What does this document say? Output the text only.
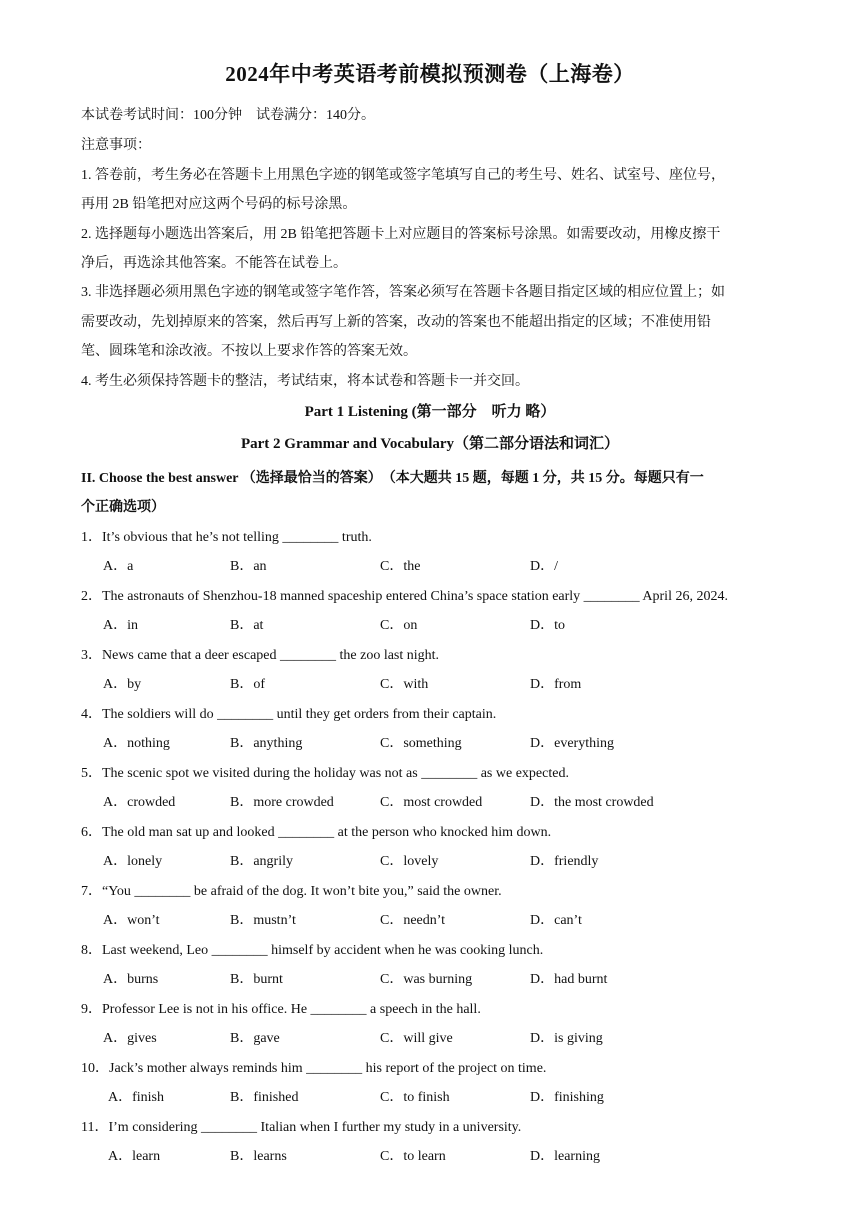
2024年中考英语考前模拟预测卷（上海卷）
本试卷考试时间：100分钟　试卷满分：140分。
注意事项：
1. 答卷前，考生务必在答题卡上用黑色字迹的钢笔或签字笔填写自己的考生号、姓名、试室号、座位号，
再用 2B 铅笔把对应这两个号码的标号涂黑。
2. 选择题每小题选出答案后，用 2B 铅笔把答题卡上对应题目的答案标号涂黑。如需要改动，用橡皮擦干
净后，再选涂其他答案。不能答在试卷上。
3. 非选择题必须用黑色字迹的钢笔或签字笔作答，答案必须写在答题卡各题目指定区域的相应位置上；如
需要改动，先划掉原来的答案，然后再写上新的答案，改动的答案也不能超出指定的区域；不准使用铅
笔、圆珠笔和涂改液。不按以上要求作答的答案无效。
4. 考生必须保持答题卡的整洁，考试结束，将本试卷和答题卡一并交回。
Part 1 Listening (第一部分　听力 略）
Part 2 Grammar and Vocabulary（第二部分语法和词汇）
II. Choose the best answer （选择最恰当的答案）　（本大题共 15 题，每题 1 分，共 15 分。每题只有一
个正确选项）
1．It’s obvious that he’s not telling ________ truth.
A．a	B．an	C．the	D．/
2．The astronauts of Shenzhou-18 manned spaceship entered China’s space station early ________ April 26, 2024.
A．in	B．at	C．on	D．to
3．News came that a deer escaped ________ the zoo last night.
A．by	B．of	C．with	D．from
4．The soldiers will do ________ until they get orders from their captain.
A．nothing	B．anything	C．something	D．everything
5．The scenic spot we visited during the holiday was not as ________ as we expected.
A．crowded	B．more crowded	C．most crowded	D．the most crowded
6．The old man sat up and looked ________ at the person who knocked him down.
A．lonely	B．angrily	C．lovely	D．friendly
7．“You ________ be afraid of the dog. It won’t bite you,” said the owner.
A．won’t	B．mustn’t	C．needn’t	D．can’t
8．Last weekend, Leo ________ himself by accident when he was cooking lunch.
A．burns	B．burnt	C．was burning	D．had burnt
9．Professor Lee is not in his office. He ________ a speech in the hall.
A．gives	B．gave	C．will give	D．is giving
10．Jack’s mother always reminds him ________ his report of the project on time.
A．finish	B．finished	C．to finish	D．finishing
11．I’m considering ________ Italian when I further my study in a university.
A．learn	B．learns	C．to learn	D．learning
